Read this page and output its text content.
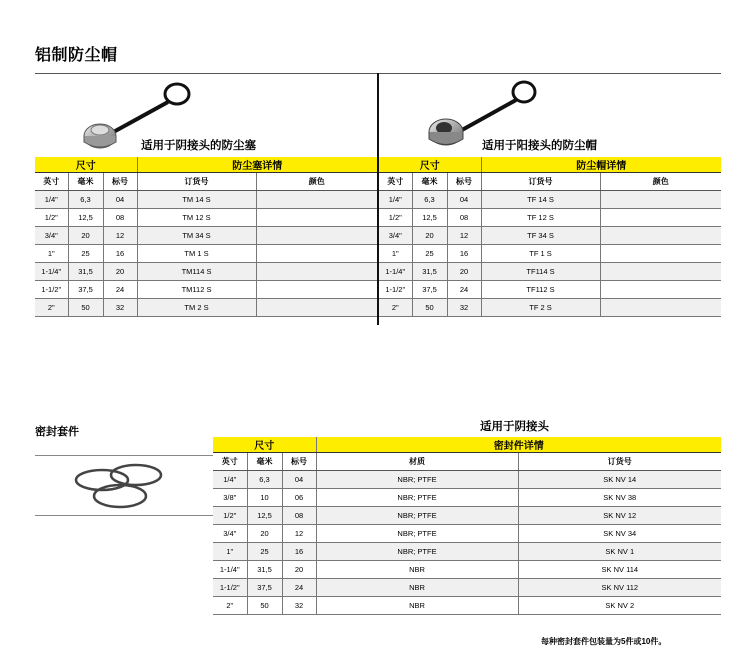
铝制防尘帽
适用于阴接头的防尘塞	适用于阳接头的防尘帽
尺寸			防尘塞详情	
英寸	毫米	标号	订货号	颜色
1/4"	6,3	04	TM 14 S	
1/2"	12,5	08	TM 12 S	
3/4"	20	12	TM 34 S	
1"	25	16	TM 1 S	
1-1/4"	31,5	20	TM114 S	
1-1/2"	37,5	24	TM112 S	
2"	50	32	TM 2 S	
尺寸			防尘帽详情	
英寸	毫米	标号	订货号	颜色
1/4"	6,3	04	TF 14 S	
1/2"	12,5	08	TF 12 S	
3/4"	20	12	TF 34 S	
1"	25	16	TF 1 S	
1-1/4"	31,5	20	TF114 S	
1-1/2"	37,5	24	TF112 S	
2"	50	32	TF 2 S	
密封套件	适用于阴接头
尺寸			密封件详情	
英寸	毫米	标号	材质	订货号
1/4"	6,3	04	NBR; PTFE	SK NV 14
3/8"	10	06	NBR; PTFE	SK NV 38
1/2"	12,5	08	NBR; PTFE	SK NV 12
3/4"	20	12	NBR; PTFE	SK NV 34
1"	25	16	NBR; PTFE	SK NV 1
1-1/4"	31,5	20	NBR	SK NV 114
1-1/2"	37,5	24	NBR	SK NV 112
2"	50	32	NBR	SK NV 2
每种密封套件包装量为5件或10件。
